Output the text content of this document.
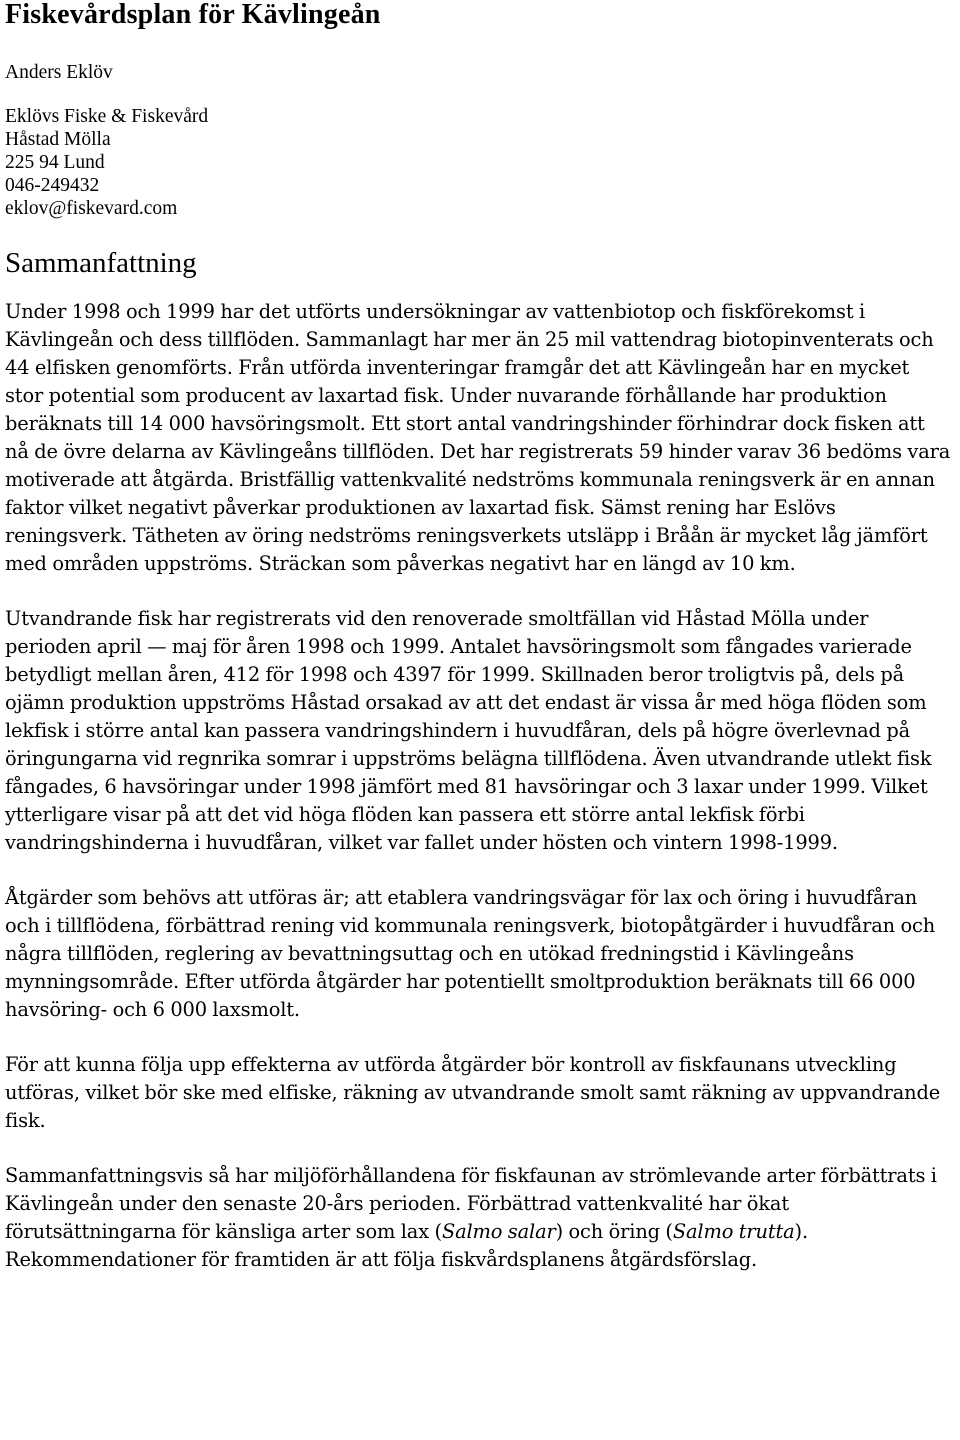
Fiskevårdsplan för Kävlingeån
Anders Eklöv
Eklövs Fiske & Fiskevård
Håstad Mölla
225 94 Lund
046-249432
eklov@fiskevard.com
Sammanfattning

Under 1998 och 1999 har det utförts undersökningar av vattenbiotop och fiskförekomst i Kävlingeån och dess tillflöden. Sammanlagt har mer än 25 mil vattendrag biotopinventerats och 44 elfisken genomförts. Från utförda inventeringar framgår det att Kävlingeån har en mycket stor potential som producent av laxartad fisk. Under nuvarande förhållande har produktion beräknats till 14 000 havsöringsmolt. Ett stort antal vandringshinder förhindrar dock fisken att nå de övre delarna av Kävlingeåns tillflöden. Det har registrerats 59 hinder varav 36 bedöms vara motiverade att åtgärda. Bristfällig vattenkvalité nedströms kommunala reningsverk är en annan faktor vilket negativt påverkar produktionen av laxartad fisk. Sämst rening har Eslövs reningsverk. Tätheten av öring nedströms reningsverkets utsläpp i Bråån är mycket låg jämfört med områden uppströms. Sträckan som påverkas negativt har en längd av 10 km.

Utvandrande fisk har registrerats vid den renoverade smoltfällan vid Håstad Mölla under perioden april — maj för åren 1998 och 1999. Antalet havsöringsmolt som fångades varierade betydligt mellan åren, 412 för 1998 och 4397 för 1999. Skillnaden beror troligtvis på, dels på ojämn produktion uppströms Håstad orsakad av att det endast är vissa år med höga flöden som lekfisk i större antal kan passera vandringshindern i huvudfåran, dels på högre överlevnad på öringungarna vid regnrika somrar i uppströms belägna tillflödena. Även utvandrande utlekt fisk fångades, 6 havsöringar under 1998 jämfört med 81 havsöringar och 3 laxar under 1999. Vilket ytterligare visar på att det vid höga flöden kan passera ett större antal lekfisk förbi vandringshinderna i huvudfåran, vilket var fallet under hösten och vintern 1998-1999.

Åtgärder som behövs att utföras är; att etablera vandringsvägar för lax och öring i huvudfåran och i tillflödena, förbättrad rening vid kommunala reningsverk, biotopåtgärder i huvudfåran och några tillflöden, reglering av bevattningsuttag och en utökad fredningstid i Kävlingeåns mynningsområde. Efter utförda åtgärder har potentiellt smoltproduktion beräknats till 66 000 havsöring- och 6 000 laxsmolt.

För att kunna följa upp effekterna av utförda åtgärder bör kontroll av fiskfaunans utveckling utföras, vilket bör ske med elfiske, räkning av utvandrande smolt samt räkning av uppvandrande fisk.

Sammanfattningsvis så har miljöförhållandena för fiskfaunan av strömlevande arter förbättrats i Kävlingeån under den senaste 20-års perioden. Förbättrad vattenkvalité har ökat förutsättningarna för känsliga arter som lax (Salmo salar) och öring (Salmo trutta). Rekommendationer för framtiden är att följa fiskvårdsplanens åtgärdsförslag.
